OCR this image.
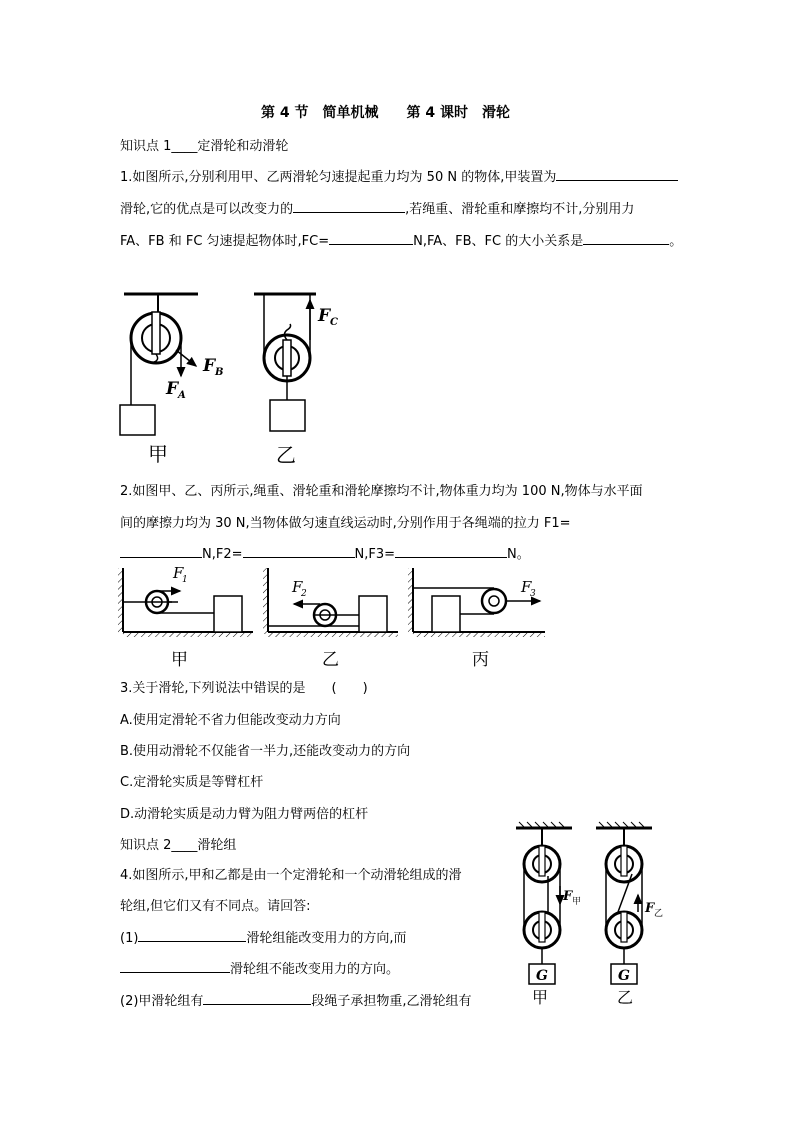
第 4 节　简单机械　　第 4 课时　滑轮
知识点 1____定滑轮和动滑轮
1.如图所示,分别利用甲、乙两滑轮匀速提起重力均为 50 N 的物体,甲装置为
滑轮,它的优点是可以改变力的	,若绳重、滑轮重和摩擦均不计,分别用力
FA、FB 和 FC 匀速提起物体时,FC=	N,FA、FB、FC 的大小关系是	。
F A
F B
甲
F C
乙
2.如图甲、乙、丙所示,绳重、滑轮重和滑轮摩擦均不计,物体重力均为 100 N,物体与水平面
间的摩擦力均为 30 N,当物体做匀速直线运动时,分别作用于各绳端的拉力 F1=
N,F2=	N,F3=	N。
F
1
甲
F
2
乙
F
3
丙
3.关于滑轮,下列说法中错误的是　　(　　)
A.使用定滑轮不省力但能改变动力方向
B.使用动滑轮不仅能省一半力,还能改变动力的方向
C.定滑轮实质是等臂杠杆
D.动滑轮实质是动力臂为阻力臂两倍的杠杆
知识点 2____滑轮组
4.如图所示,甲和乙都是由一个定滑轮和一个动滑轮组成的滑
轮组,但它们又有不同点。请回答:
(1)	滑轮组能改变用力的方向,而
滑轮组不能改变用力的方向。
(2)甲滑轮组有	段绳子承担物重,乙滑轮组有
G
F 甲
甲
G
F 乙
乙
